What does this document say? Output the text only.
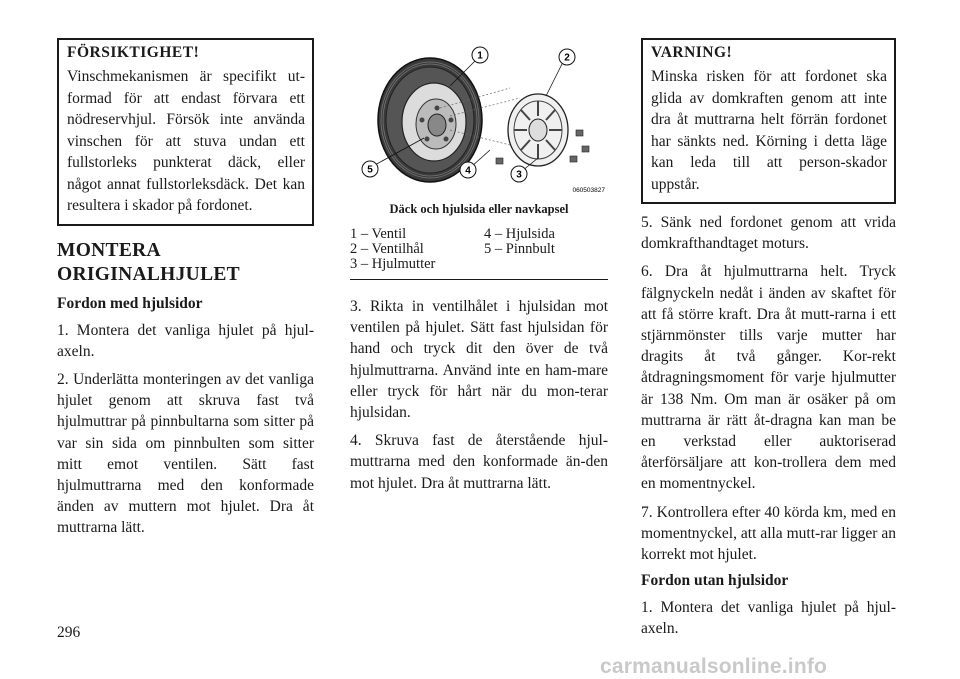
FÖRSIKTIGHET!

Vinschmekanismen är specifikt ut-formad för att endast förvara ett nödreservhjul. Försök inte använda vinschen för att stuva undan ett fullstorleks punkterat däck, eller något annat fullstorleksdäck. Det kan resultera i skador på fordonet.

MONTERA ORIGINALHJULET
Fordon med hjulsidor

1. Montera det vanliga hjulet på hjul-axeln.

2. Underlätta monteringen av det vanliga hjulet genom att skruva fast två hjulmuttrar på pinnbultarna som sitter på var sin sida om pinnbulten som sitter mitt emot ventilen. Sätt fast hjulmuttrarna med den konformade änden av muttern mot hjulet. Dra åt muttrarna lätt.

1	2
3
4
5
060503827
Däck och hjulsida eller navkapsel
1 – Ventil	4 – Hjulsida
2 – Ventilhål	5 – Pinnbult
3 – Hjulmutter

3. Rikta in ventilhålet i hjulsidan mot ventilen på hjulet. Sätt fast hjulsidan för hand och tryck dit den över de två hjulmuttrarna. Använd inte en ham-mare eller tryck för hårt när du mon-terar hjulsidan.

4. Skruva fast de återstående hjul-muttrarna med den konformade än-den mot hjulet. Dra åt muttrarna lätt.

VARNING!

Minska risken för att fordonet ska glida av domkraften genom att inte dra åt muttrarna helt förrän fordonet har sänkts ned. Körning i detta läge kan leda till att person-skador uppstår.

5. Sänk ned fordonet genom att vrida domkrafthandtaget moturs.

6. Dra åt hjulmuttrarna helt. Tryck fälgnyckeln nedåt i änden av skaftet för att få större kraft. Dra åt mutt-rarna i ett stjärnmönster tills varje mutter har dragits åt två gånger. Kor-rekt åtdragningsmoment för varje hjulmutter är 138 Nm. Om man är osäker på om muttrarna är rätt åt-dragna kan man be en verkstad eller auktoriserad återförsäljare att kon-trollera dem med en momentnyckel.

7. Kontrollera efter 40 körda km, med en momentnyckel, att alla mutt-rar ligger an korrekt mot hjulet.

Fordon utan hjulsidor

1. Montera det vanliga hjulet på hjul-axeln.

296
carmanualsonline.info
